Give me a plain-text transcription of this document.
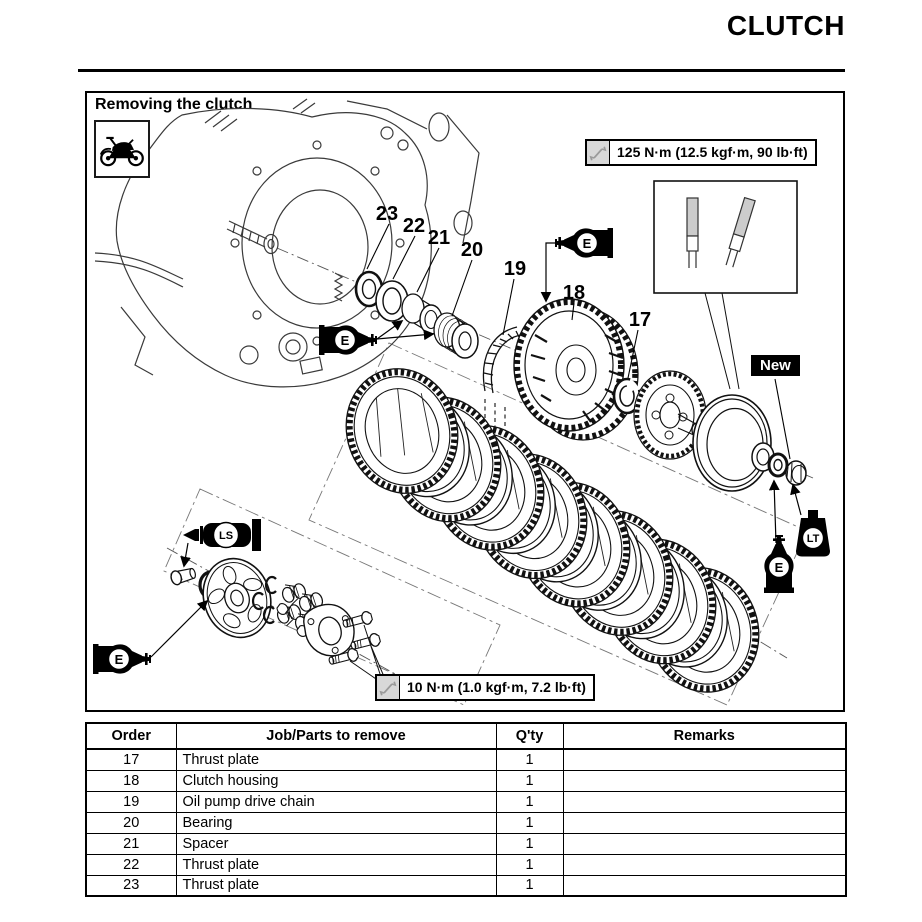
CLUTCH
Removing the clutch
23
22
21
20
19
18
17
E
E
E
E
LS	LT
125 N·m (12.5 kgf·m, 90 lb·ft)
10 N·m (1.0 kgf·m, 7.2 lb·ft)
New
Order	Job/Parts to remove	Q'ty	Remarks
17	Thrust plate	1	
18	Clutch housing	1	
19	Oil pump drive chain	1	
20	Bearing	1	
21	Spacer	1	
22	Thrust plate	1	
23	Thrust plate	1	
